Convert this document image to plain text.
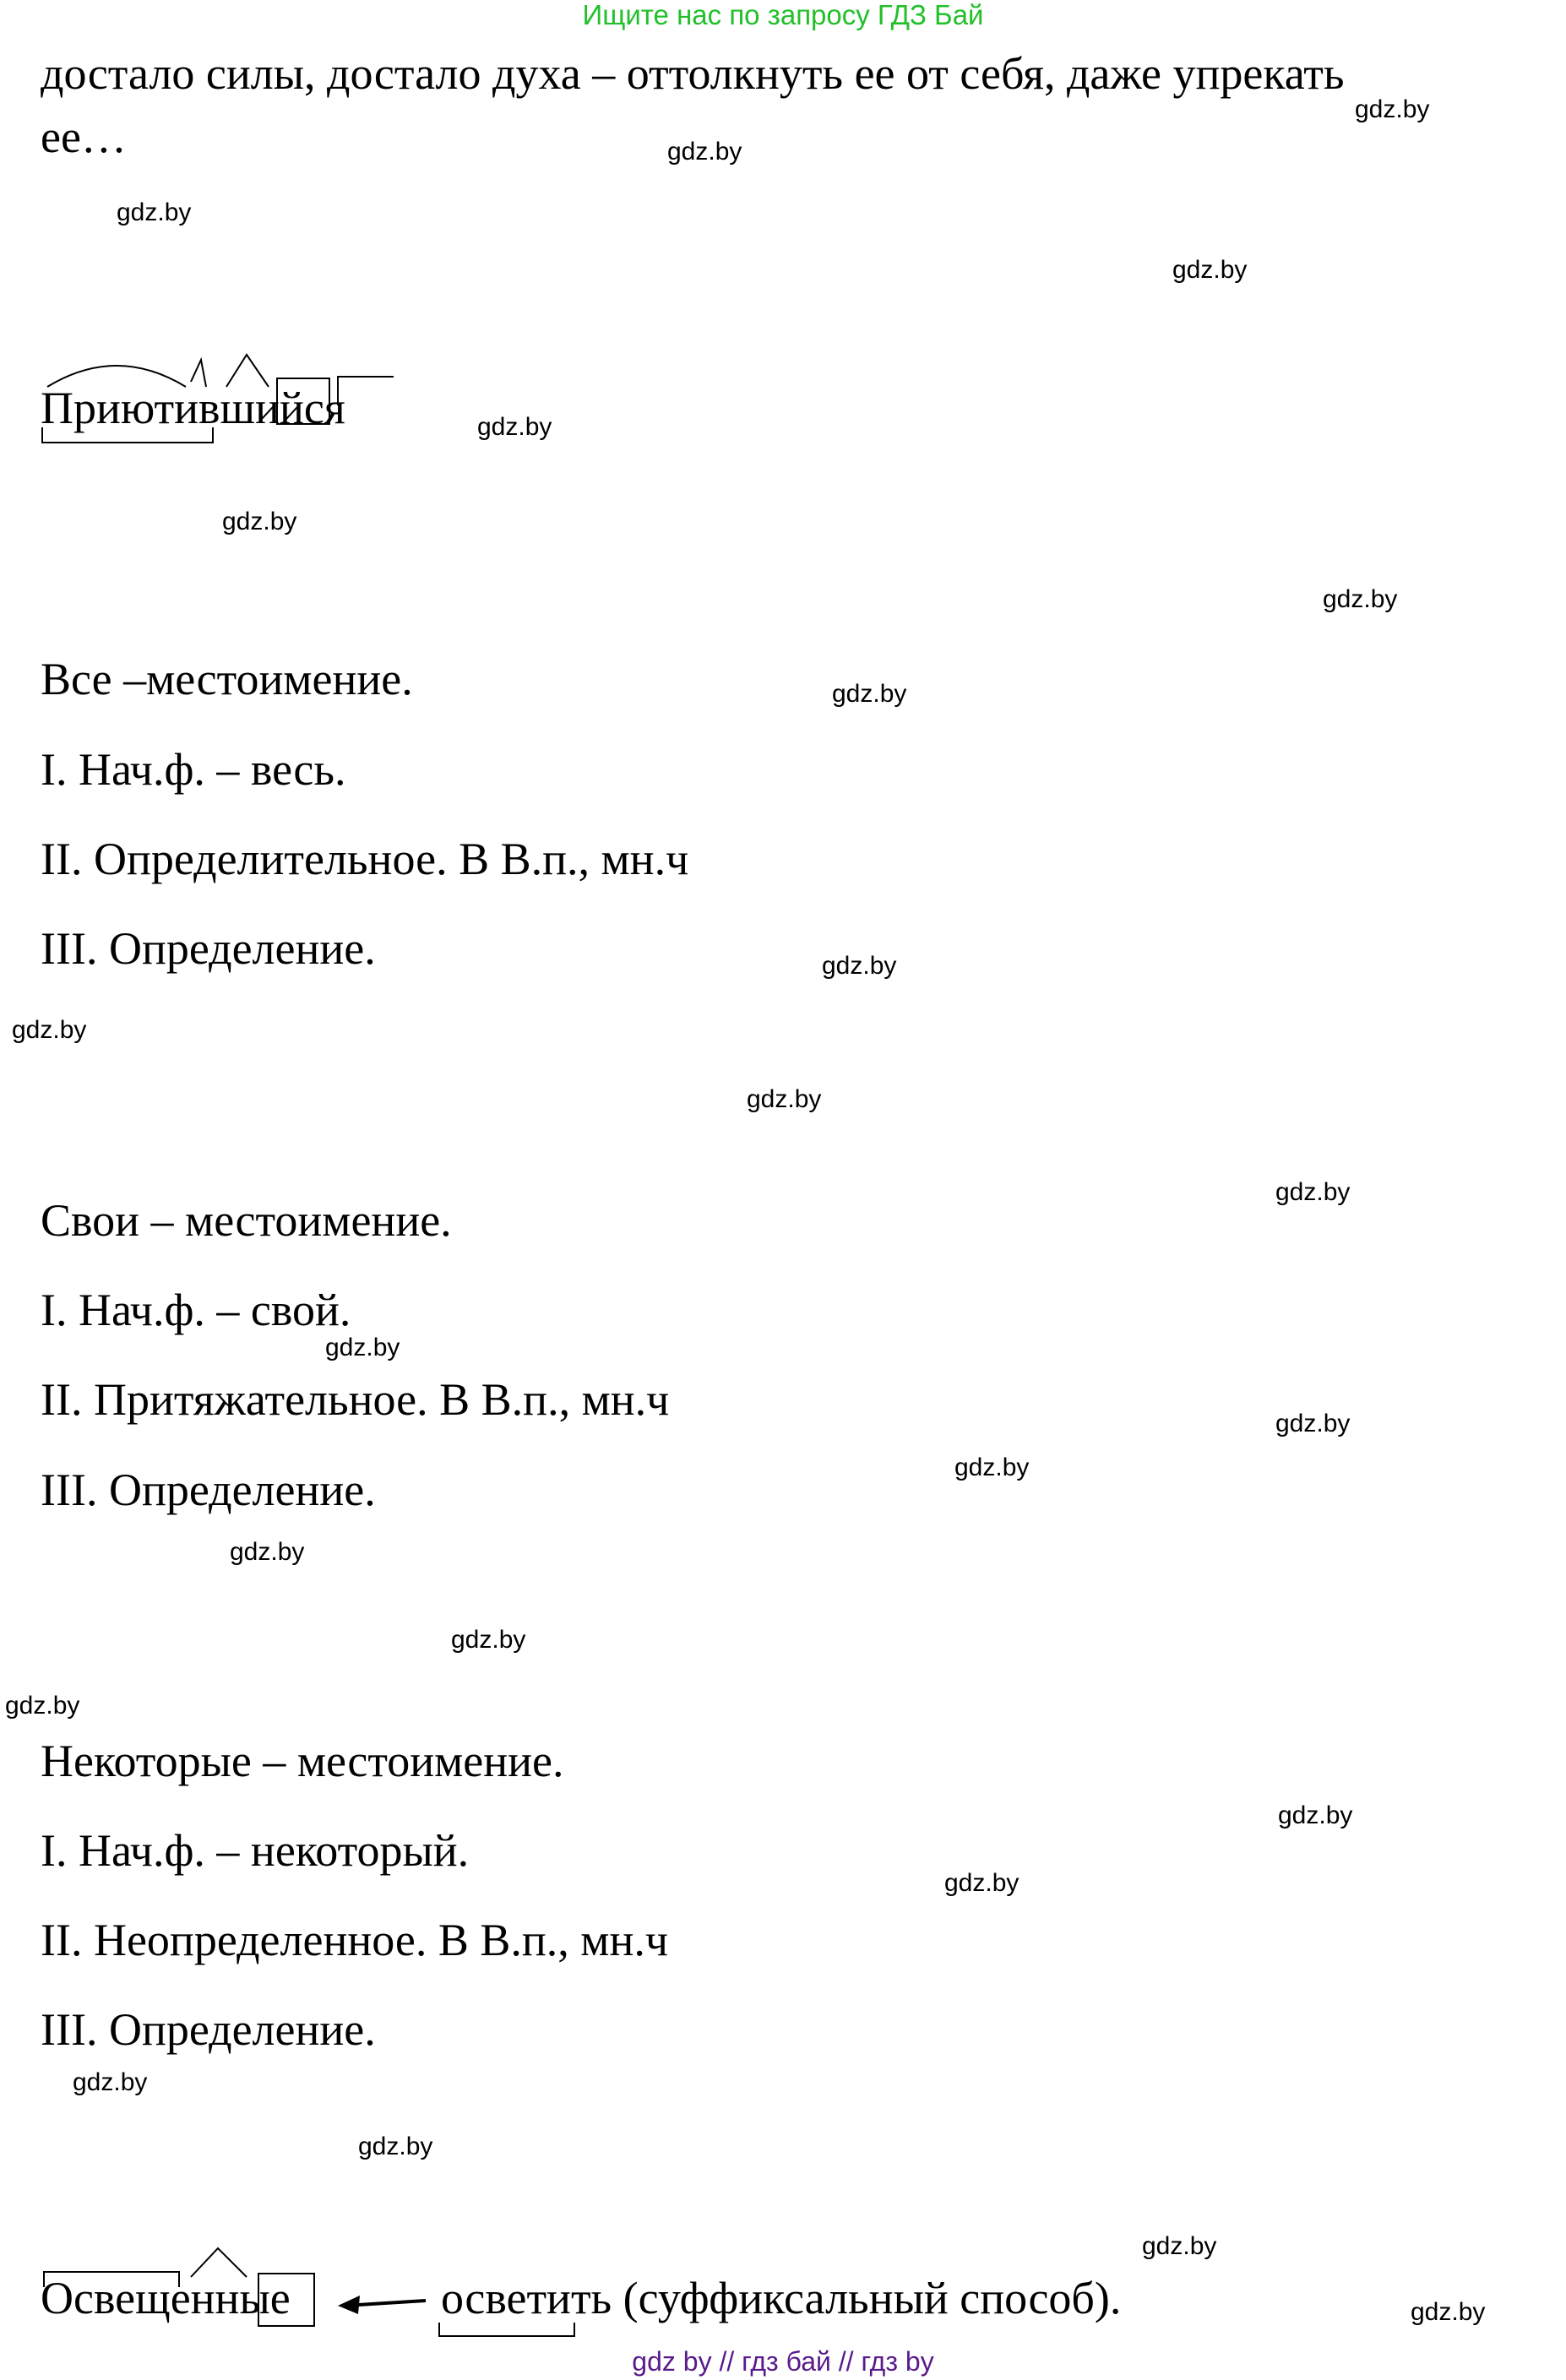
Ищите нас по запросу ГДЗ Бай
достало силы, достало духа – оттолкнуть ее от себя, даже упрекать
ее…
Приютившийся
Все –местоимение.
I. Нач.ф. – весь.
II. Определительное. В В.п., мн.ч
III. Определение.
Свои – местоимение.
I. Нач.ф. – свой.
II. Притяжательное. В В.п., мн.ч
III. Определение.
Некоторые – местоимение.
I. Нач.ф. – некоторый.
II. Неопределенное. В В.п., мн.ч
III. Определение.
Освещенные	осветить (суффиксальный способ).
gdz.by
gdz.by
gdz.by
gdz.by
gdz.by
gdz.by
gdz.by
gdz.by
gdz.by
gdz.by
gdz.by
gdz.by
gdz.by
gdz.by
gdz.by
gdz.by
gdz.by
gdz.by
gdz.by
gdz.by
gdz.by
gdz.by
gdz.by
gdz.by
gdz by // гдз бай // гдз by
